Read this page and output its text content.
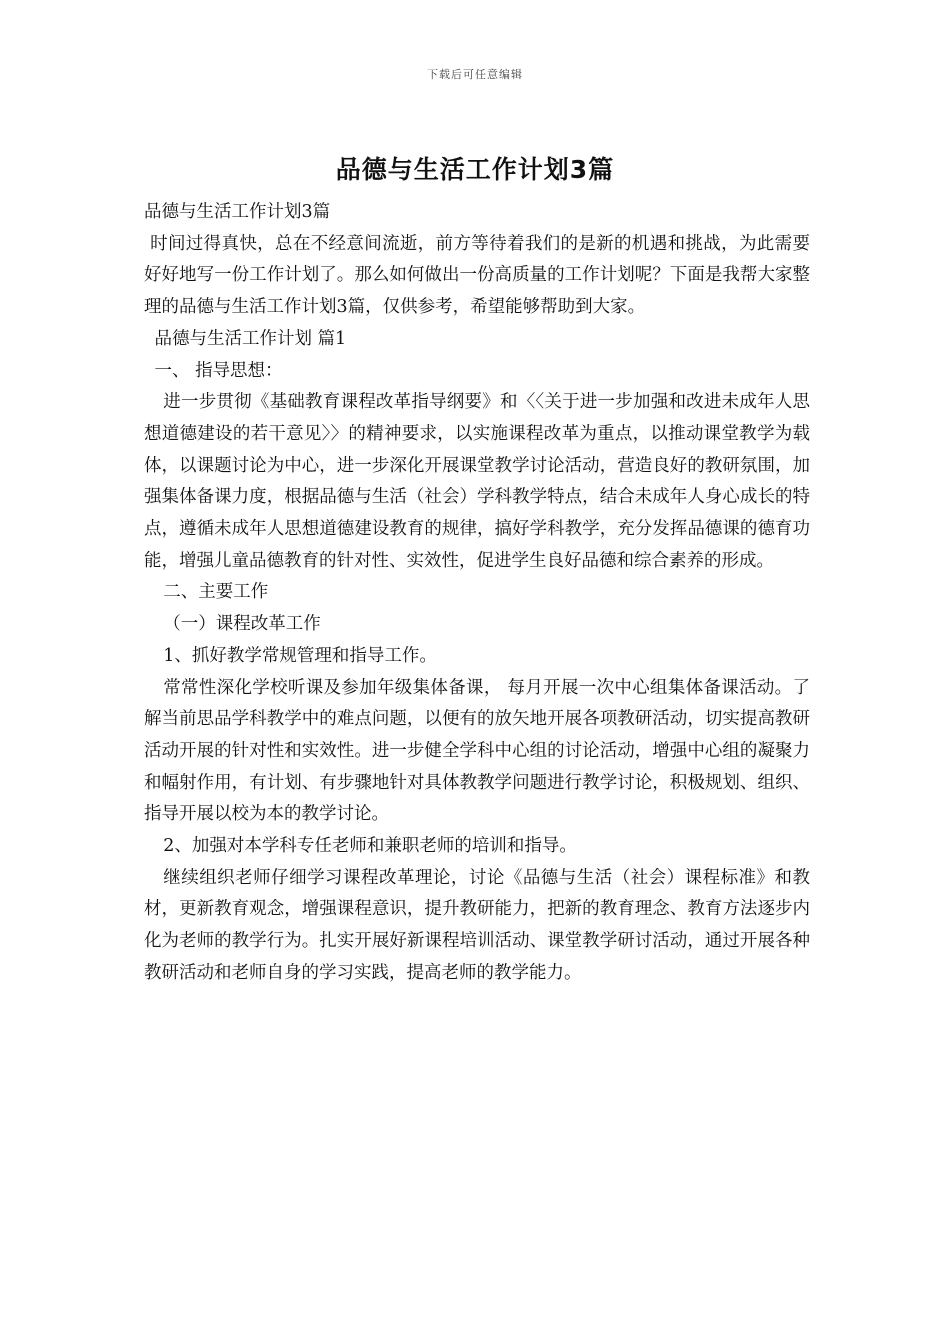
下载后可任意编辑
品德与生活工作计划3篇

品德与生活工作计划3篇

时间过得真快，总在不经意间流逝，前方等待着我们的是新的机遇和挑战，为此需要好好地写一份工作计划了。那么如何做出一份高质量的工作计划呢？下面是我帮大家整理的品德与生活工作计划3篇，仅供参考，希望能够帮助到大家。

品德与生活工作计划 篇1

一、 指导思想：

进一步贯彻《基础教育课程改革指导纲要》和〈〈关于进一步加强和改进未成年人思想道德建设的若干意见〉〉的精神要求，以实施课程改革为重点，以推动课堂教学为载体，以课题讨论为中心，进一步深化开展课堂教学讨论活动，营造良好的教研氛围，加强集体备课力度，根据品德与生活（社会）学科教学特点，结合未成年人身心成长的特点，遵循未成年人思想道德建设教育的规律，搞好学科教学，充分发挥品德课的德育功能，增强儿童品德教育的针对性、实效性，促进学生良好品德和综合素养的形成。

二、主要工作

（一）课程改革工作

1、抓好教学常规管理和指导工作。

常常性深化学校听课及参加年级集体备课， 每月开展一次中心组集体备课活动。了解当前思品学科教学中的难点问题，以便有的放矢地开展各项教研活动，切实提高教研活动开展的针对性和实效性。进一步健全学科中心组的讨论活动，增强中心组的凝聚力和幅射作用，有计划、有步骤地针对具体教教学问题进行教学讨论，积极规划、组织、指导开展以校为本的教学讨论。

2、加强对本学科专任老师和兼职老师的培训和指导。

继续组织老师仔细学习课程改革理论，讨论《品德与生活（社会）课程标准》和教材，更新教育观念，增强课程意识，提升教研能力，把新的教育理念、教育方法逐步内化为老师的教学行为。扎实开展好新课程培训活动、课堂教学研讨活动，通过开展各种教研活动和老师自身的学习实践，提高老师的教学能力。
